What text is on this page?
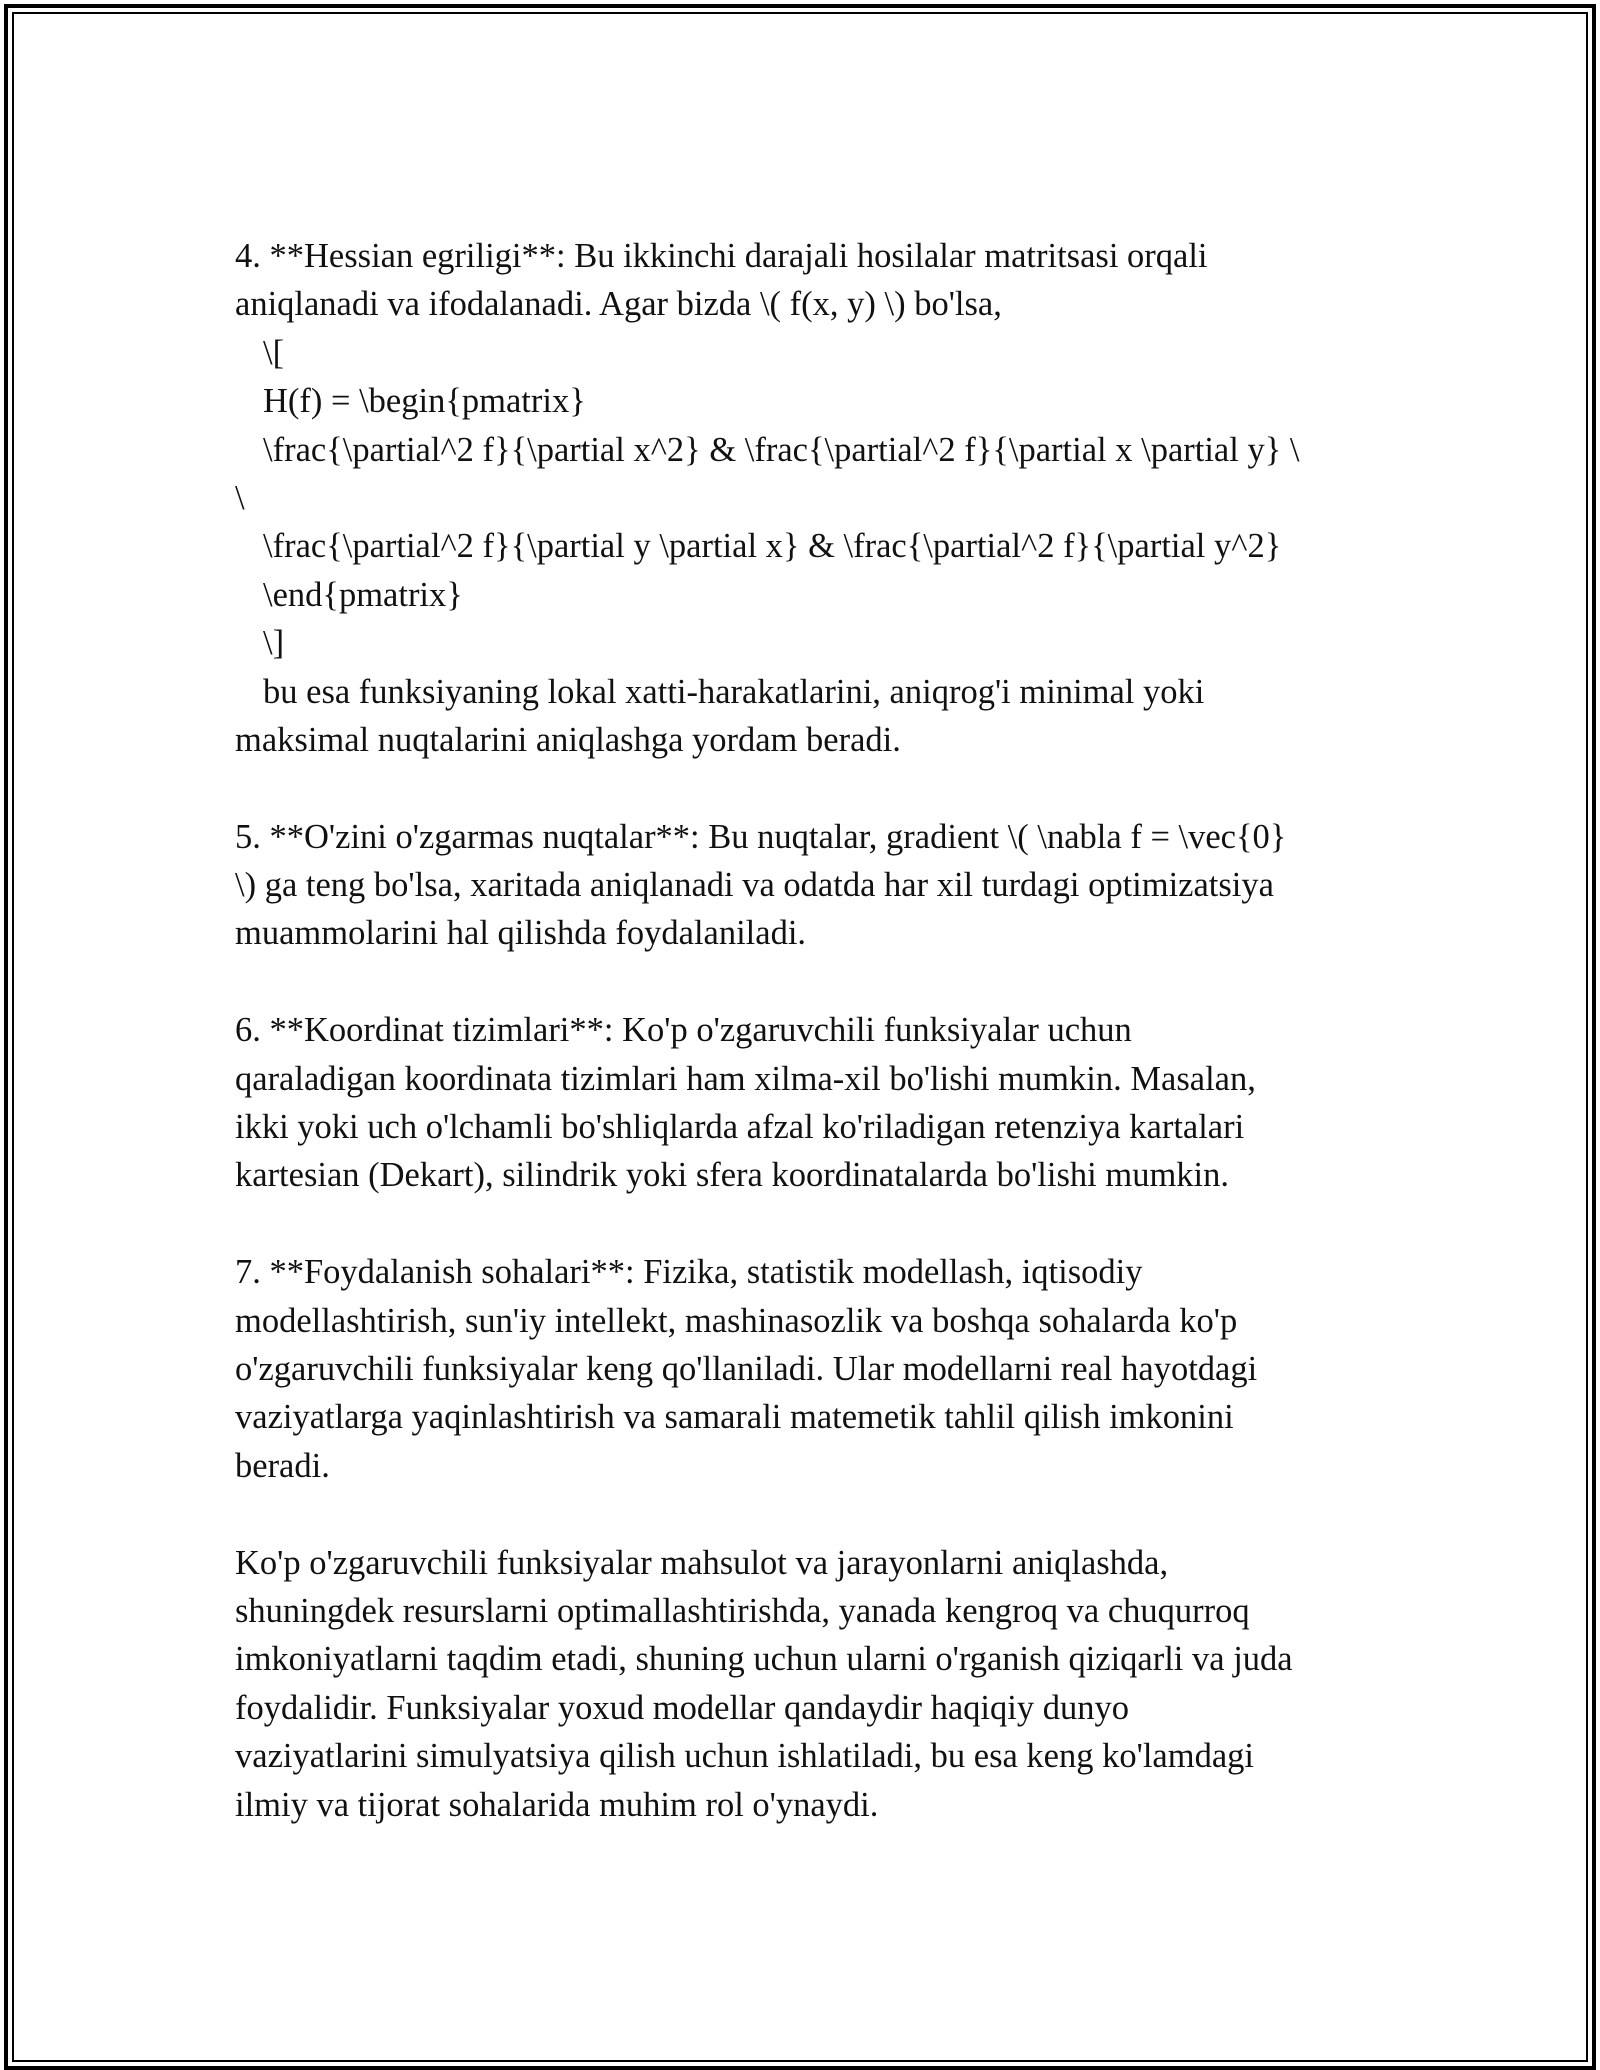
4. **Hessian egriligi**: Bu ikkinchi darajali hosilalar matritsasi orqali
aniqlanadi va ifodalanadi. Agar bizda \( f(x, y) \) bo'lsa,
\[
H(f) = \begin{pmatrix}
\frac{\partial^2 f}{\partial x^2} & \frac{\partial^2 f}{\partial x \partial y} \
\
\frac{\partial^2 f}{\partial y \partial x} & \frac{\partial^2 f}{\partial y^2}
\end{pmatrix}
\]
bu esa funksiyaning lokal xatti-harakatlarini, aniqrog'i minimal yoki
maksimal nuqtalarini aniqlashga yordam beradi.
5. **O'zini o'zgarmas nuqtalar**: Bu nuqtalar, gradient \( \nabla f = \vec{0}
\) ga teng bo'lsa, xaritada aniqlanadi va odatda har xil turdagi optimizatsiya
muammolarini hal qilishda foydalaniladi.
6. **Koordinat tizimlari**: Ko'p o'zgaruvchili funksiyalar uchun
qaraladigan koordinata tizimlari ham xilma-xil bo'lishi mumkin. Masalan,
ikki yoki uch o'lchamli bo'shliqlarda afzal ko'riladigan retenziya kartalari
kartesian (Dekart), silindrik yoki sfera koordinatalarda bo'lishi mumkin.
7. **Foydalanish sohalari**: Fizika, statistik modellash, iqtisodiy
modellashtirish, sun'iy intellekt, mashinasozlik va boshqa sohalarda ko'p
o'zgaruvchili funksiyalar keng qo'llaniladi. Ular modellarni real hayotdagi
vaziyatlarga yaqinlashtirish va samarali matemetik tahlil qilish imkonini
beradi.
Ko'p o'zgaruvchili funksiyalar mahsulot va jarayonlarni aniqlashda,
shuningdek resurslarni optimallashtirishda, yanada kengroq va chuqurroq
imkoniyatlarni taqdim etadi, shuning uchun ularni o'rganish qiziqarli va juda
foydalidir. Funksiyalar yoxud modellar qandaydir haqiqiy dunyo
vaziyatlarini simulyatsiya qilish uchun ishlatiladi, bu esa keng ko'lamdagi
ilmiy va tijorat sohalarida muhim rol o'ynaydi.
